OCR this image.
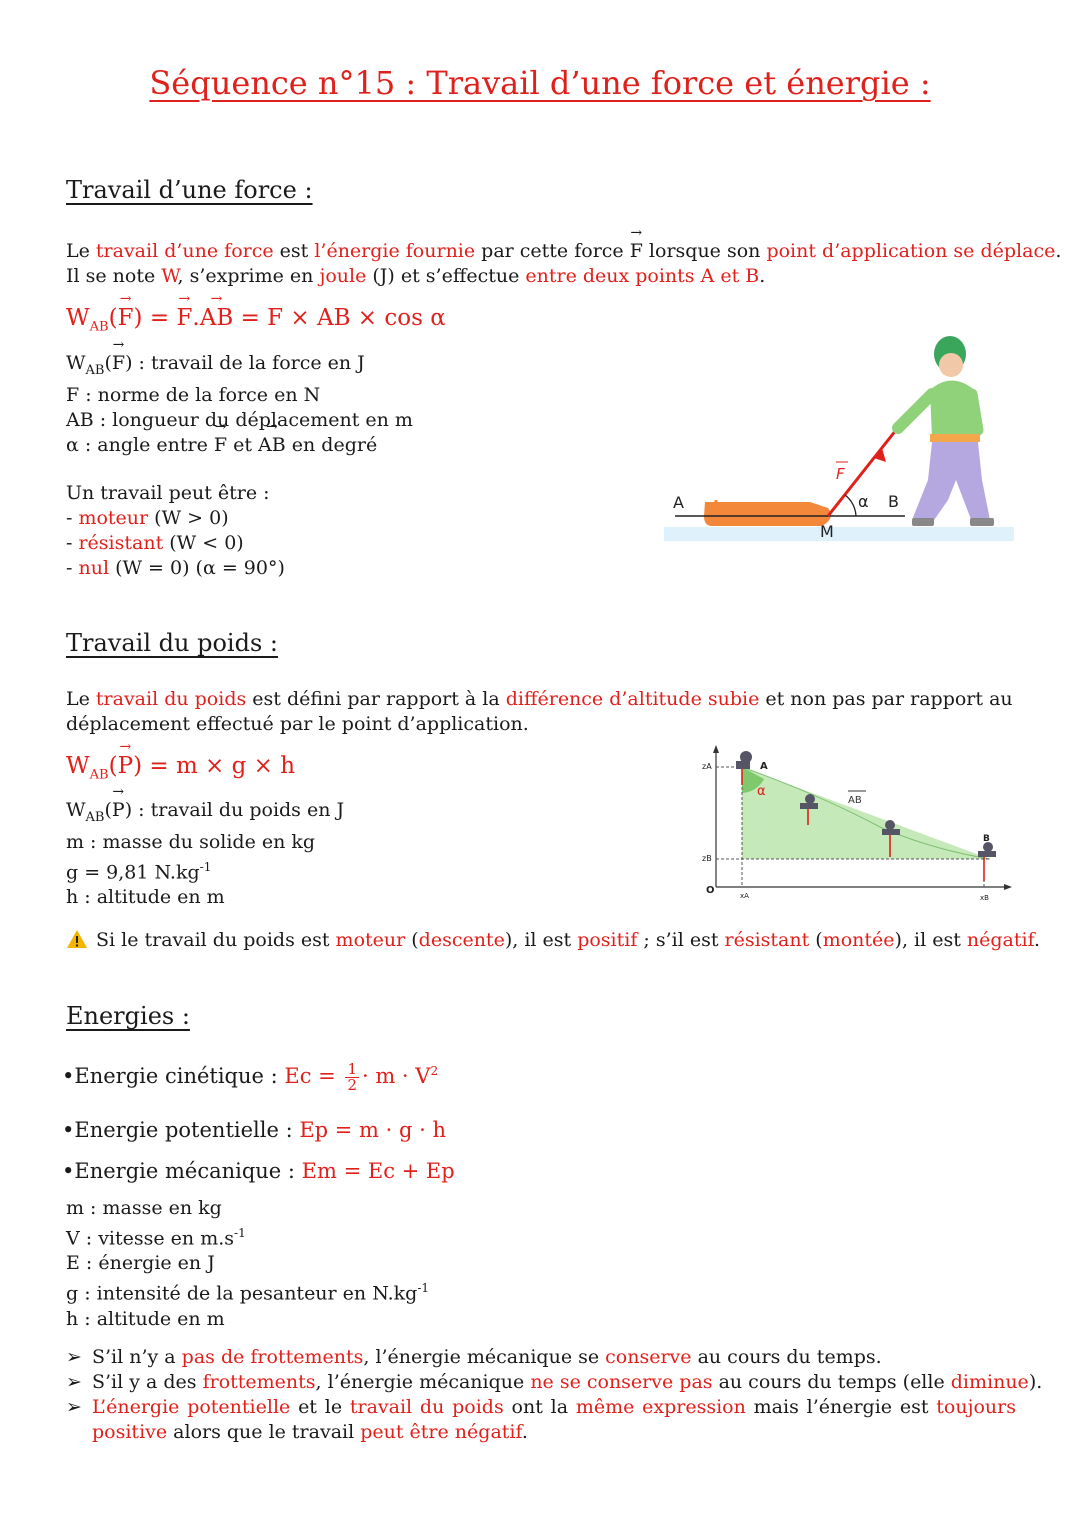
Séquence n°15 : Travail d’une force et énergie :
Travail d’une force :
Le travail d’une force est l’énergie fournie par cette force → F lorsque son point d’application se déplace.
Il se note W, s’exprime en joule (J) et s’effectue entre deux points A et B.
$W_{AB}(\to F)$ = → F.→ AB = F × AB × cos α
$W_{AB}(\to F)$ : travail de la force en J
F : norme de la force en N
AB : longueur du déplacement en m
α : angle entre → F et → AB en degré
Un travail peut être :
- moteur (W > 0)
- résistant (W < 0)
- nul (W = 0) (α = 90°)
A
M
α B
F
Travail du poids :
Le travail du poids est défini par rapport à la différence d’altitude subie et non pas par rapport au
déplacement effectué par le point d’application.
$W_{AB}(\to P) = m \times g \times h$
$W_{AB}(\to P)$ : travail du poids en J
m : masse du solide en kg
g = 9,81 $N.kg^{-1}$
h : altitude en m
zA
zB
O	xA	xB
A
B
α
AB
Si le travail du poids est moteur (descente), il est positif ; s’il est résistant (montée), il est négatif.
Energies :
•Energie cinétique : $Ec = \frac{1}{2} \cdot m \cdot V^2$
•Energie potentielle : Ep = m · g · h
•Energie mécanique : Em = Ec + Ep
m : masse en kg
V : vitesse en $m.s^{-1}$
E : énergie en J
g : intensité de la pesanteur en $N.kg^{-1}$
h : altitude en m
➢ S’il n’y a pas de frottements, l’énergie mécanique se conserve au cours du temps.
➢ S’il y a des frottements, l’énergie mécanique ne se conserve pas au cours du temps (elle diminue).
➢ L’énergie potentielle et le travail du poids ont la même expression mais l’énergie est toujours
positive alors que le travail peut être négatif.
